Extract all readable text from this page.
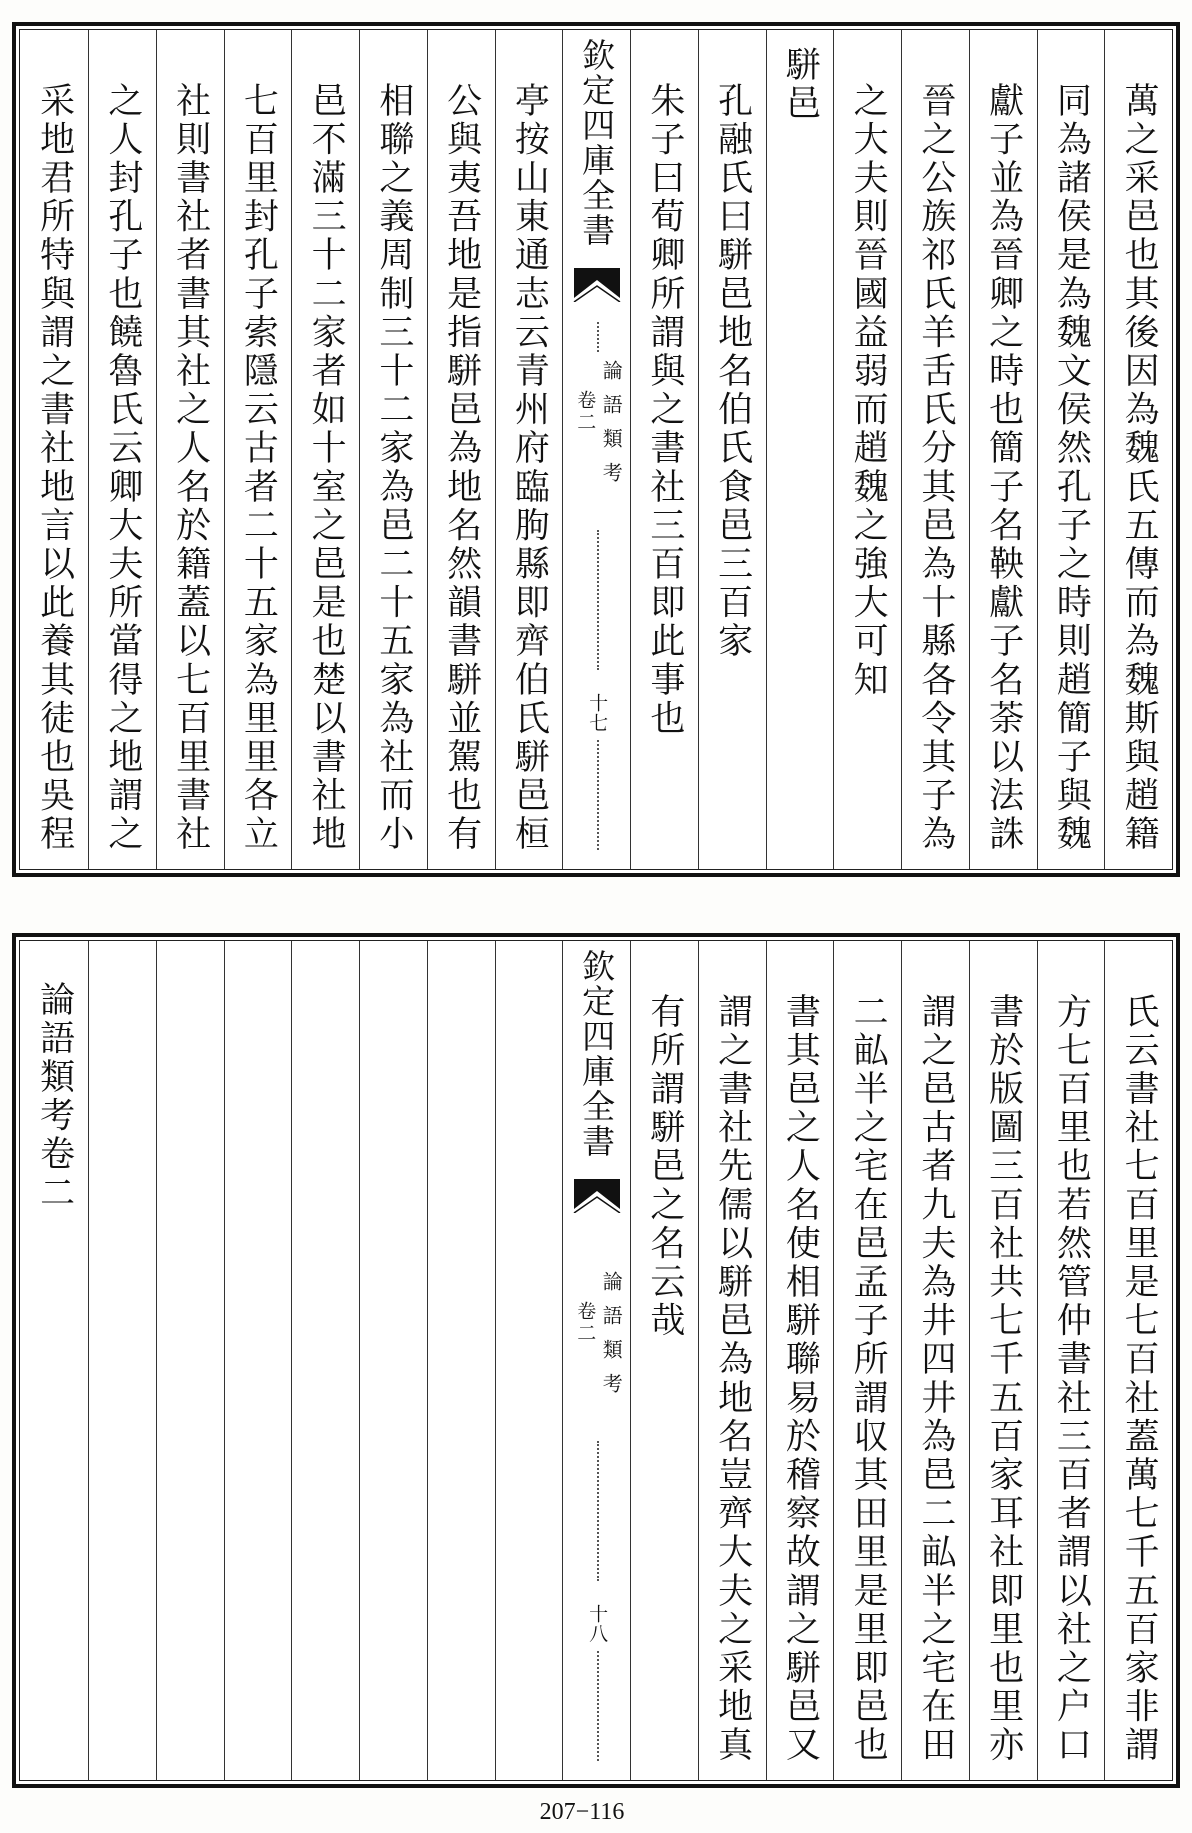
萬之采邑也其後因為魏氏五傳而為魏斯與趙籍
同為諸侯是為魏文侯然孔子之時則趙簡子與魏
獻子並為晉卿之時也簡子名鞅獻子名荼以法誅
晉之公族祁氏羊舌氏分其邑為十縣各令其子為
之大夫則晉國益弱而趙魏之強大可知
駢邑
孔融氏曰駢邑地名伯氏食邑三百家
朱子曰荀卿所謂與之書社三百即此事也
欽定四庫全書
論語類考
卷二
十七
𠅘按山東通志云青州府臨朐縣即齊伯氏駢邑桓
公與夷吾地是指駢邑為地名然韻書駢並駕也有
相聯之義周制三十二家為邑二十五家為社而小
邑不滿三十二家者如十室之邑是也楚以書社地
七百里封孔子索隱云古者二十五家為里里各立
社則書社者書其社之人名於籍蓋以七百里書社
之人封孔子也饒魯氏云卿大夫所當得之地謂之
采地君所特與謂之書社地言以此養其徒也吳程
氏云書社七百里是七百社蓋萬七千五百家非謂
方七百里也若然管仲書社三百者謂以社之户口
書於版圖三百社共七千五百家耳社即里也里亦
謂之邑古者九夫為井四井為邑二畆半之宅在田
二畆半之宅在邑孟子所謂収其田里是里即邑也
書其邑之人名使相駢聯易於稽察故謂之駢邑又
謂之書社先儒以駢邑為地名豈齊大夫之采地真
有所謂駢邑之名云哉
欽定四庫全書
論語類考
卷二
十八
論語類考卷二
207−116
